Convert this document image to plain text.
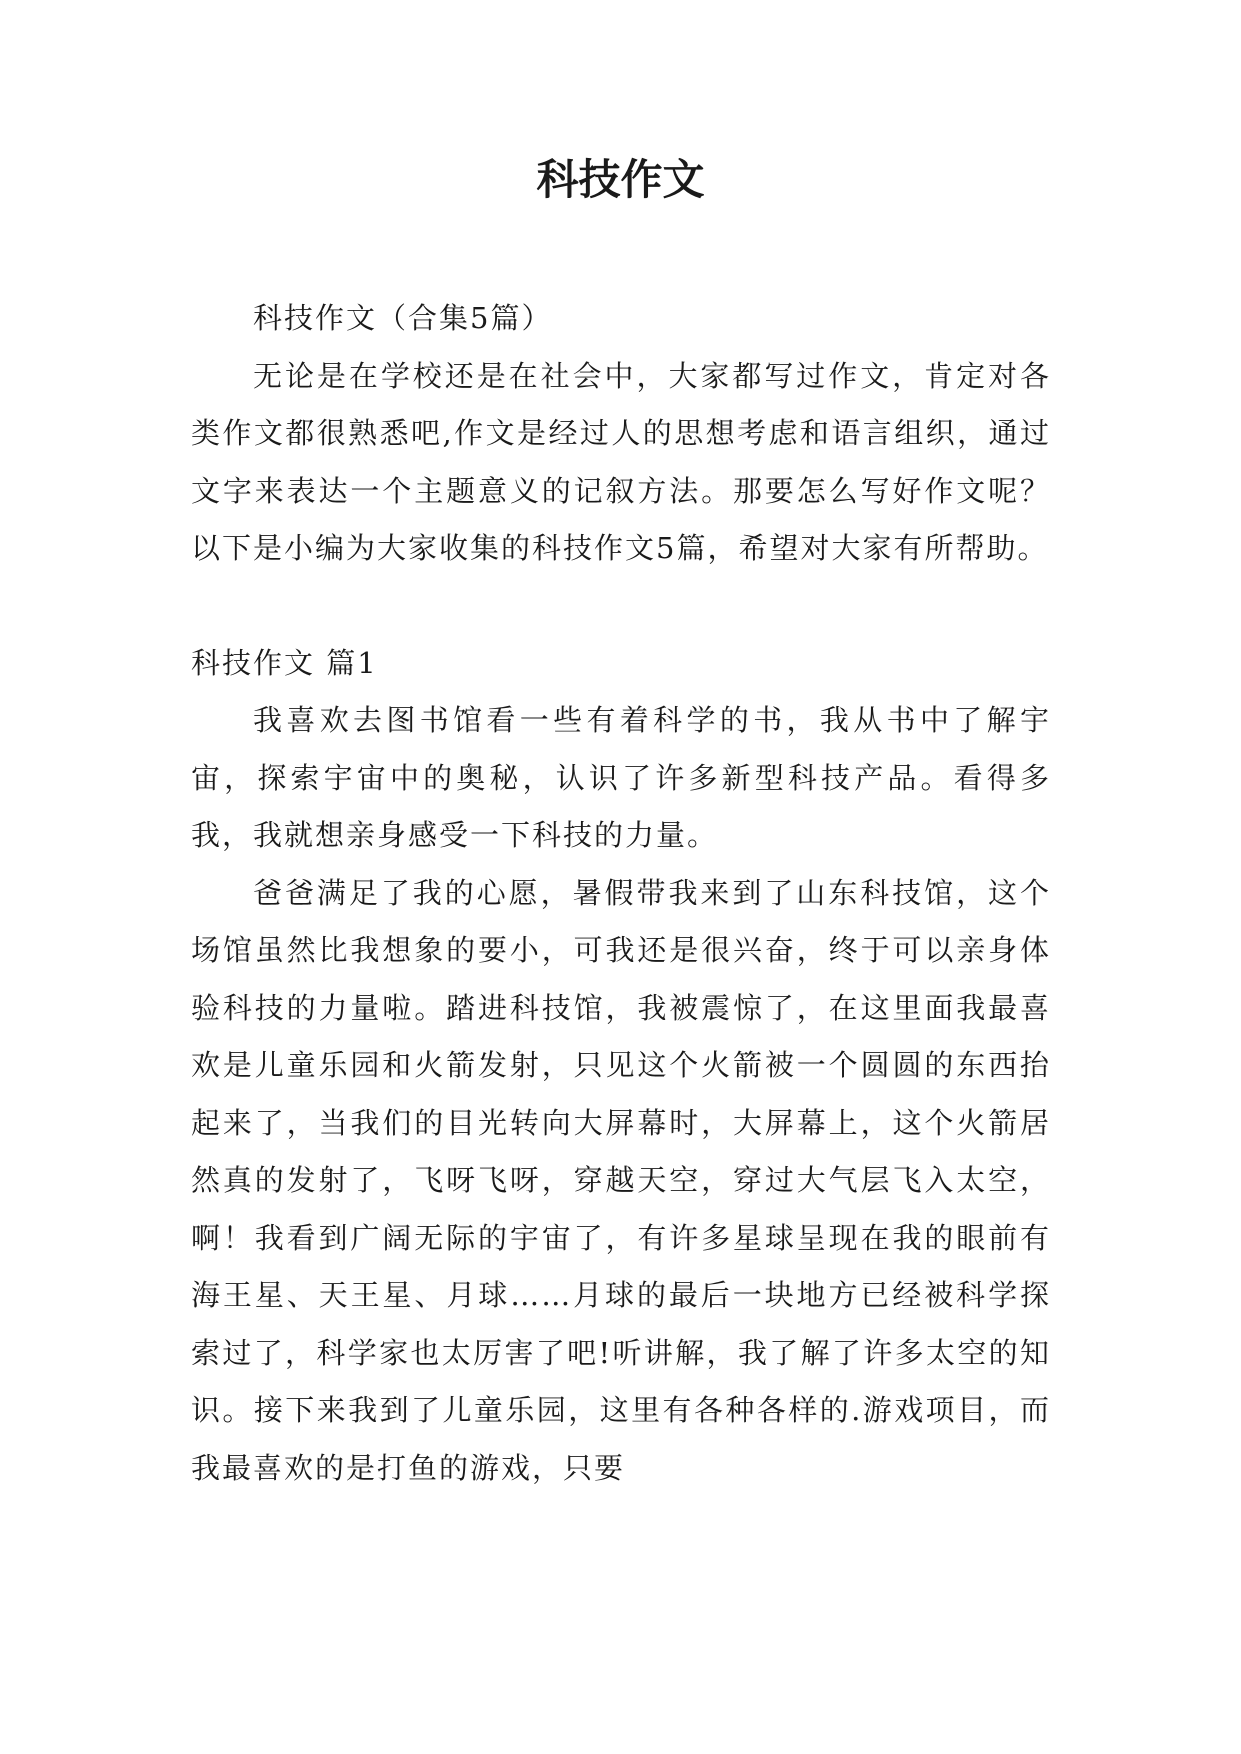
科技作文

科技作文（合集5篇）

无论是在学校还是在社会中，大家都写过作文，肯定对各类作文都很熟悉吧,作文是经过人的思想考虑和语言组织，通过文字来表达一个主题意义的记叙方法。那要怎么写好作文呢？以下是小编为大家收集的科技作文5篇，希望对大家有所帮助。

科技作文 篇1

我喜欢去图书馆看一些有着科学的书，我从书中了解宇宙，探索宇宙中的奥秘，认识了许多新型科技产品。看得多我，我就想亲身感受一下科技的力量。

爸爸满足了我的心愿，暑假带我来到了山东科技馆，这个场馆虽然比我想象的要小，可我还是很兴奋，终于可以亲身体验科技的力量啦。踏进科技馆，我被震惊了，在这里面我最喜欢是儿童乐园和火箭发射，只见这个火箭被一个圆圆的东西抬起来了，当我们的目光转向大屏幕时，大屏幕上，这个火箭居然真的发射了，飞呀飞呀，穿越天空，穿过大气层飞入太空，啊！我看到广阔无际的宇宙了，有许多星球呈现在我的眼前有海王星、天王星、月球……月球的最后一块地方已经被科学探索过了，科学家也太厉害了吧!听讲解，我了解了许多太空的知识。接下来我到了儿童乐园，这里有各种各样的.游戏项目，而我最喜欢的是打鱼的游戏，只要
